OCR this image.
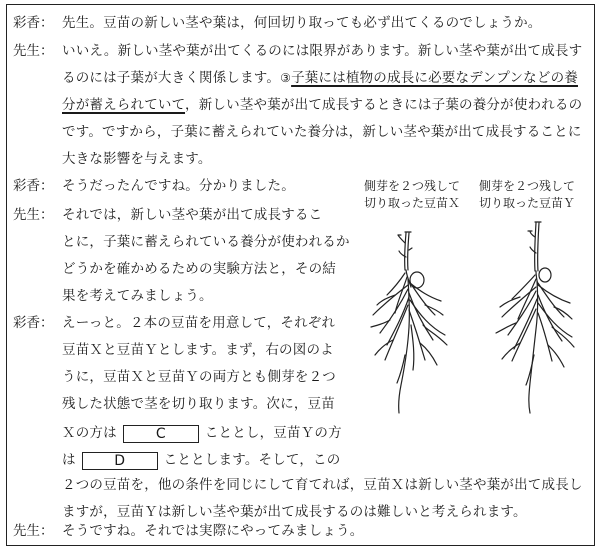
彩香： 先生。豆苗の新しい茎や葉は，何回切り取っても必ず出てくるのでしょうか。
先生： いいえ。新しい茎や葉が出てくるのには限界があります。新しい茎や葉が出て成長す
るのには子葉が大きく関係します。③子葉には植物の成長に必要なデンプンなどの養
分が蓄えられていて，新しい茎や葉が出て成長するときには子葉の養分が使われるの
です。ですから，子葉に蓄えられていた養分は，新しい茎や葉が出て成長することに
大きな影響を与えます。
彩香： そうだったんですね。分かりました。
先生： それでは，新しい茎や葉が出て成長するこ
とに，子葉に蓄えられている養分が使われるか
どうかを確かめるための実験方法と，その結
果を考えてみましょう。
彩香： えーっと。２本の豆苗を用意して，それぞれ
豆苗Ｘと豆苗Ｙとします。まず，右の図のよ
うに，豆苗Ｘと豆苗Ｙの両方とも側芽を２つ
残した状態で茎を切り取ります。次に，豆苗
Ｘの方は	C	こととし，豆苗Ｙの方
は	D	こととします。そして，この
２つの豆苗を，他の条件を同じにして育てれば，豆苗Ｘは新しい茎や葉が出て成長し
ますが，豆苗Ｙは新しい茎や葉が出て成長するのは難しいと考えられます。
先生： そうですね。それでは実際にやってみましょう。
側芽を２つ残して
切り取った豆苗Ｘ
側芽を２つ残して
切り取った豆苗Ｙ
